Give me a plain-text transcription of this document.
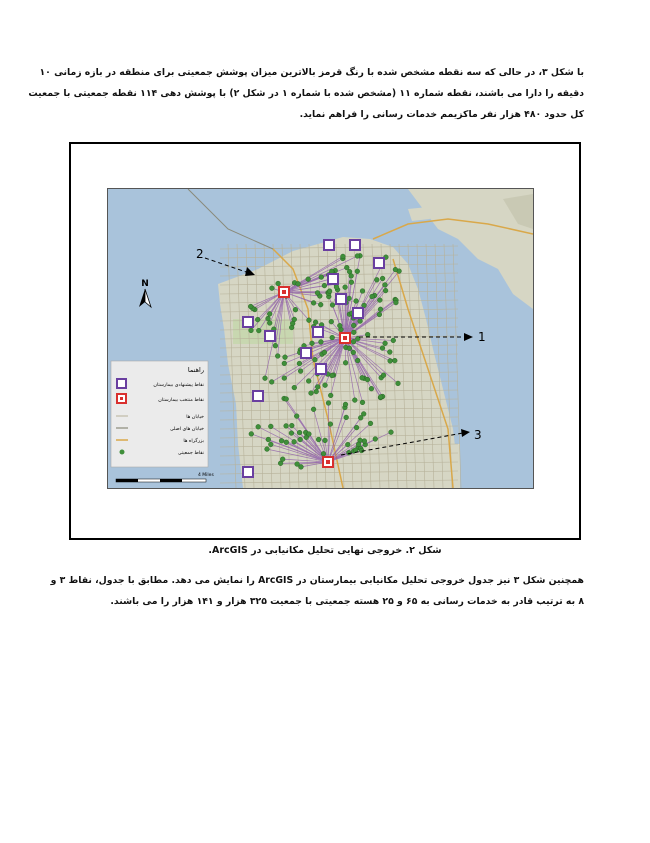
با شکل ۳، در حالی که سه نقطه مشخص شده با رنگ قرمز بالاترین میزان پوشش جمعیتی برای منطقه در بازه زمانی ۱۰
دقیقه را دارا می باشند، نقطه شماره ۱۱ (مشخص شده با شماره ۱ در شکل ۲) با پوشش دهی ۱۱۴ نقطه جمعیتی با جمعیت
کل حدود ۴۸۰ هزار نفر ماکزیمم خدمات رسانی را فراهم نماید.
N
راهنما
نقاط پیشنهادی بیمارستان
نقاط منتخب بیمارستان
خیابان ها
خیابان های اصلی
بزرگراه ها
نقاط جمعیتی
4 Miles
2
1
3

شکل ۲. خروجی نهایی تحلیل مکانیابی در ArcGIS.

همچنین شکل ۳ نیز جدول خروجی تحلیل مکانیابی بیمارستان در ArcGIS را نمایش می دهد. مطابق با جدول، نقاط ۳ و
۸ به ترتیب قادر به خدمات رسانی به ۶۵ و ۲۵ هسته جمعیتی با جمعیت ۳۲۵ هزار و ۱۴۱ هزار را می باشند.
